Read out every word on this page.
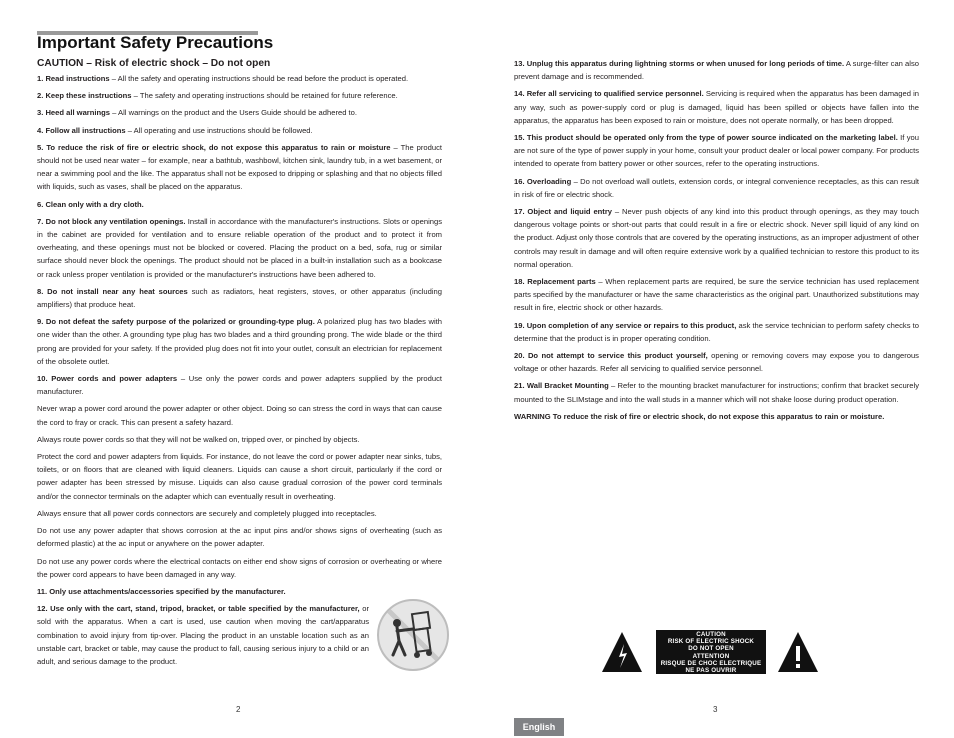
Important Safety Precautions
CAUTION – Risk of electric shock – Do not open

1. Read instructions – All the safety and operating instructions should be read before the product is operated.

2. Keep these instructions – The safety and operating instructions should be retained for future reference.

3. Heed all warnings – All warnings on the product and the Users Guide should be adhered to.

4. Follow all instructions – All operating and use instructions should be followed.

5. To reduce the risk of fire or electric shock, do not expose this apparatus to rain or moisture – The product should not be used near water – for example, near a bathtub, washbowl, kitchen sink, laundry tub, in a wet basement, or near a swimming pool and the like. The apparatus shall not be exposed to dripping or splashing and that no objects filled with liquids, such as vases, shall be placed on the apparatus.

6. Clean only with a dry cloth.

7. Do not block any ventilation openings. Install in accordance with the manufacturer's instructions. Slots or openings in the cabinet are provided for ventilation and to ensure reliable operation of the product and to protect it from overheating, and these openings must not be blocked or covered. Placing the product on a bed, sofa, rug or similar surface should never block the openings. The product should not be placed in a built-in installation such as a bookcase or rack unless proper ventilation is provided or the manufacturer's instructions have been adhered to.

8. Do not install near any heat sources such as radiators, heat registers, stoves, or other apparatus (including amplifiers) that produce heat.

9. Do not defeat the safety purpose of the polarized or grounding-type plug. A polarized plug has two blades with one wider than the other. A grounding type plug has two blades and a third grounding prong. The wide blade or the third prong are provided for your safety. If the provided plug does not fit into your outlet, consult an electrician for replacement of the obsolete outlet.

10. Power cords and power adapters – Use only the power cords and power adapters supplied by the product manufacturer.

Never wrap a power cord around the power adapter or other object. Doing so can stress the cord in ways that can cause the cord to fray or crack. This can present a safety hazard.

Always route power cords so that they will not be walked on, tripped over, or pinched by objects.

Protect the cord and power adapters from liquids. For instance, do not leave the cord or power adapter near sinks, tubs, toilets, or on floors that are cleaned with liquid cleaners. Liquids can cause a short circuit, particularly if the cord or power adapter has been stressed by misuse. Liquids can also cause gradual corrosion of the power cord terminals and/or the connector terminals on the adapter which can eventually result in overheating.

Always ensure that all power cords connectors are securely and completely plugged into receptacles.

Do not use any power adapter that shows corrosion at the ac input pins and/or shows signs of overheating (such as deformed plastic) at the ac input or anywhere on the power adapter.

Do not use any power cords where the electrical contacts on either end show signs of corrosion or overheating or where the power cord appears to have been damaged in any way.

11. Only use attachments/accessories specified by the manufacturer.

12. Use only with the cart, stand, tripod, bracket, or table specified by the manufacturer, or sold with the apparatus. When a cart is used, use caution when moving the cart/apparatus combination to avoid injury from tip-over. Placing the product in an unstable location such as an unstable cart, bracket or table, may cause the product to fall, causing serious injury to a child or an adult, and serious damage to the product.

13. Unplug this apparatus during lightning storms or when unused for long periods of time. A surge-filter can also prevent damage and is recommended.

14. Refer all servicing to qualified service personnel. Servicing is required when the apparatus has been damaged in any way, such as power-supply cord or plug is damaged, liquid has been spilled or objects have fallen into the apparatus, the apparatus has been exposed to rain or moisture, does not operate normally, or has been dropped.

15. This product should be operated only from the type of power source indicated on the marketing label. If you are not sure of the type of power supply in your home, consult your product dealer or local power company. For products intended to operate from battery power or other sources, refer to the operating instructions.

16. Overloading – Do not overload wall outlets, extension cords, or integral convenience receptacles, as this can result in risk of fire or electric shock.

17. Object and liquid entry – Never push objects of any kind into this product through openings, as they may touch dangerous voltage points or short-out parts that could result in a fire or electric shock. Never spill liquid of any kind on the product. Adjust only those controls that are covered by the operating instructions, as an improper adjustment of other controls may result in damage and will often require extensive work by a qualified technician to restore this product to its normal operation.

18. Replacement parts – When replacement parts are required, be sure the service technician has used replacement parts specified by the manufacturer or have the same characteristics as the original part. Unauthorized substitutions may result in fire, electric shock or other hazards.

19. Upon completion of any service or repairs to this product, ask the service technician to perform safety checks to determine that the product is in proper operating condition.

20. Do not attempt to service this product yourself, opening or removing covers may expose you to dangerous voltage or other hazards. Refer all servicing to qualified service personnel.

21. Wall Bracket Mounting – Refer to the mounting bracket manufacturer for instructions; confirm that bracket securely mounted to the SLIMstage and into the wall studs in a manner which will not shake loose during product operation.

WARNING To reduce the risk of fire or electric shock, do not expose this apparatus to rain or moisture.

CAUTION
RISK OF ELECTRIC SHOCK
DO NOT OPEN
ATTENTION
RISQUE DE CHOC ELECTRIQUE
NE PAS OUVRIR
2	3
English
